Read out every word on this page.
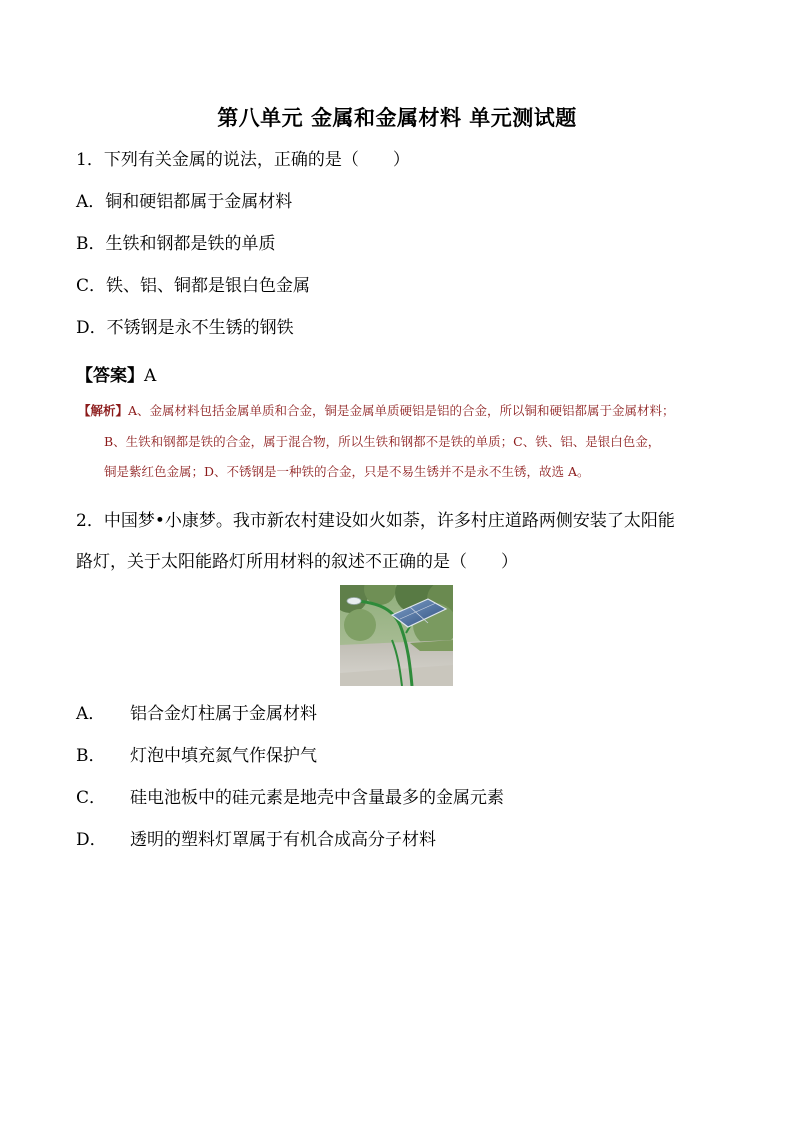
第八单元 金属和金属材料 单元测试题
1．下列有关金属的说法，正确的是（　　）
A．铜和硬铝都属于金属材料
B．生铁和钢都是铁的单质
C．铁、铝、铜都是银白色金属
D．不锈钢是永不生锈的钢铁
【答案】A
【解析】A、金属材料包括金属单质和合金，铜是金属单质硬铝是铝的合金，所以铜和硬铝都属于金属材料；
B、生铁和钢都是铁的合金，属于混合物，所以生铁和钢都不是铁的单质；C、铁、铝、是银白色金，
铜是紫红色金属；D、不锈钢是一种铁的合金，只是不易生锈并不是永不生锈，故选 A。
2．中国梦•小康梦。我市新农村建设如火如荼，许多村庄道路两侧安装了太阳能
路灯，关于太阳能路灯所用材料的叙述不正确的是（　　）
A． 铝合金灯柱属于金属材料
B． 灯泡中填充氮气作保护气
C． 硅电池板中的硅元素是地壳中含量最多的金属元素
D． 透明的塑料灯罩属于有机合成高分子材料
